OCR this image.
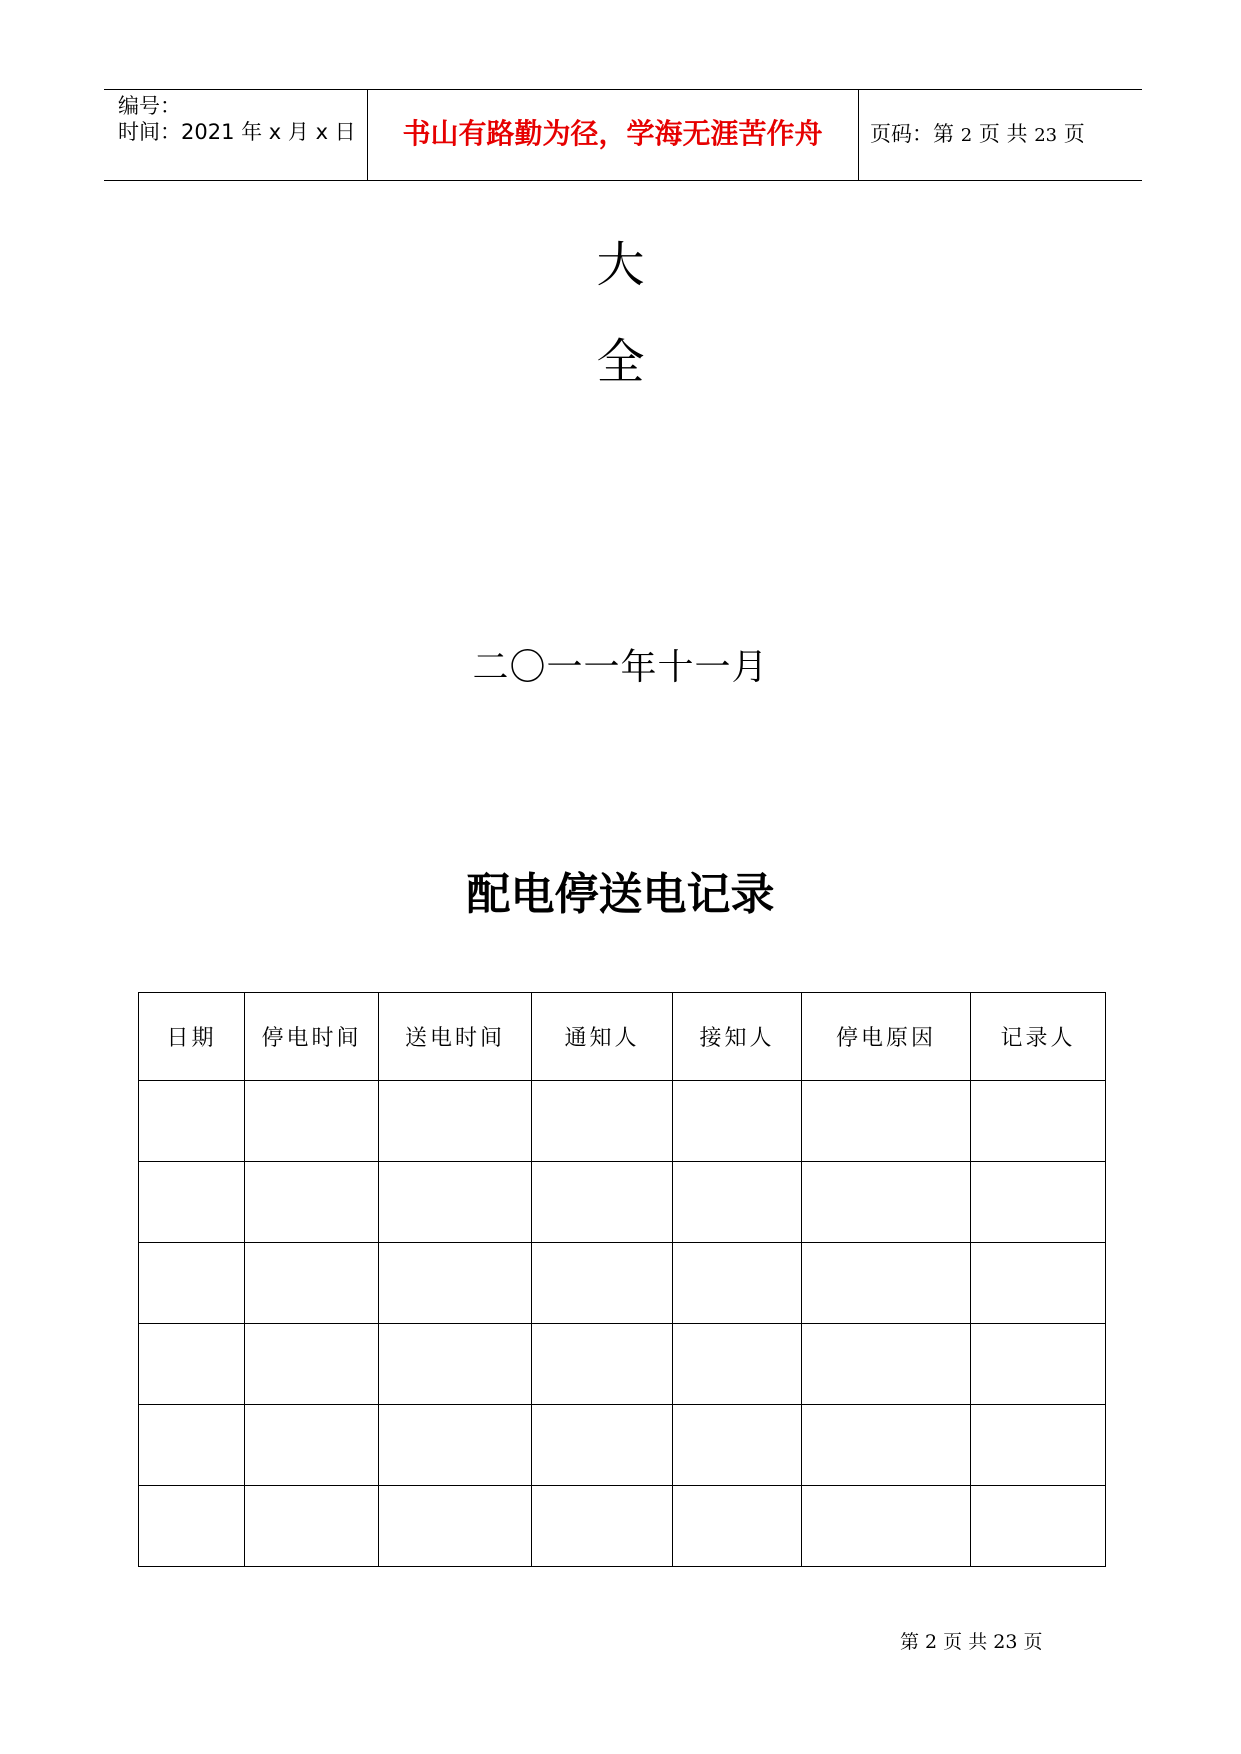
编号：
时间：2021 年 x 月 x 日	书山有路勤为径，学海无涯苦作舟	页码：第 2 页 共 23 页
大
全
二〇一一年十一月
配电停送电记录
日期	停电时间	送电时间	通知人	接知人	停电原因	记录人

第 2 页 共 23 页
